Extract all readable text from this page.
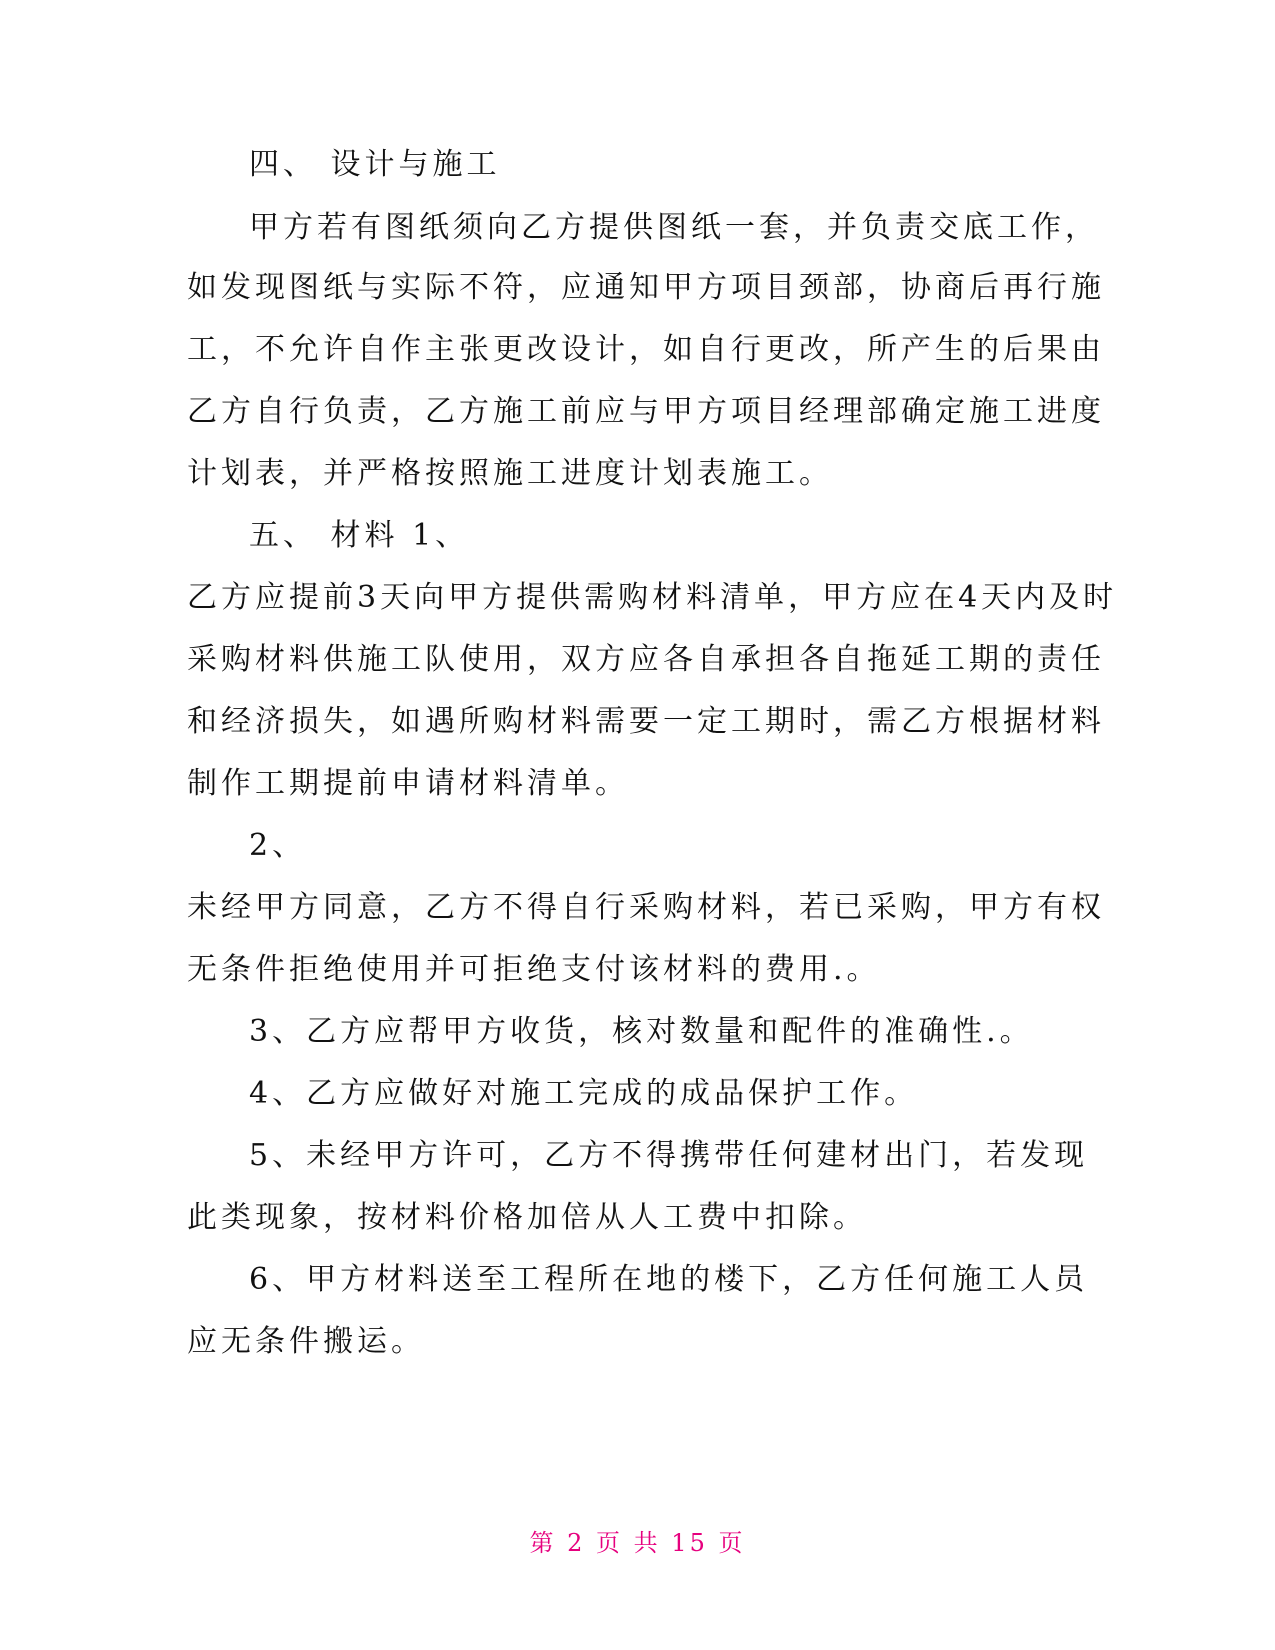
四、 设计与施工
甲方若有图纸须向乙方提供图纸一套，并负责交底工作，
如发现图纸与实际不符，应通知甲方项目颈部，协商后再行施
工，不允许自作主张更改设计，如自行更改，所产生的后果由
乙方自行负责，乙方施工前应与甲方项目经理部确定施工进度
计划表，并严格按照施工进度计划表施工。
五、 材料 1、
乙方应提前3天向甲方提供需购材料清单，甲方应在4天内及时
采购材料供施工队使用，双方应各自承担各自拖延工期的责任
和经济损失，如遇所购材料需要一定工期时，需乙方根据材料
制作工期提前申请材料清单。
2、
未经甲方同意，乙方不得自行采购材料，若已采购，甲方有权
无条件拒绝使用并可拒绝支付该材料的费用.。
3、乙方应帮甲方收货，核对数量和配件的准确性.。
4、乙方应做好对施工完成的成品保护工作。
5、未经甲方许可，乙方不得携带任何建材出门，若发现
此类现象，按材料价格加倍从人工费中扣除。
6、甲方材料送至工程所在地的楼下，乙方任何施工人员
应无条件搬运。
第 2 页 共 15 页
